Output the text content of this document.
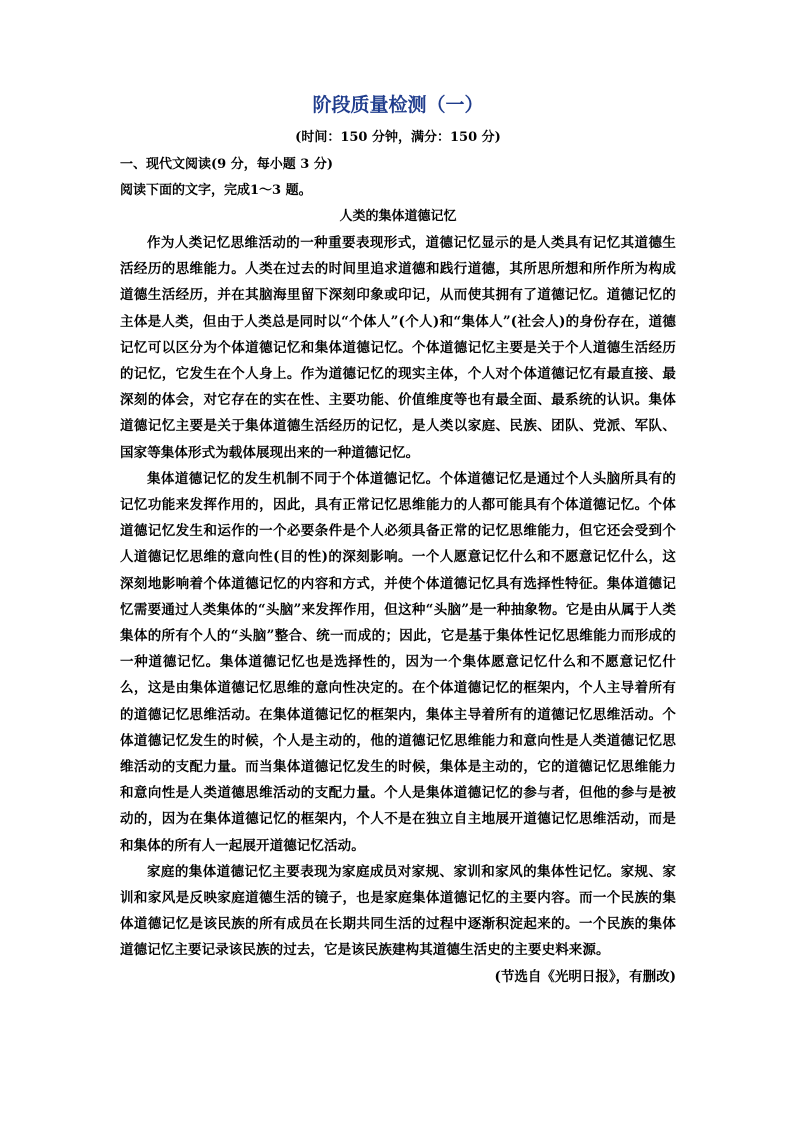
阶段质量检测（一）

(时间：150 分钟，满分：150 分)

一、现代文阅读(9 分，每小题 3 分)

阅读下面的文字，完成1～3 题。

人类的集体道德记忆

作为人类记忆思维活动的一种重要表现形式，道德记忆显示的是人类具有记忆其道德生活经历的思维能力。人类在过去的时间里追求道德和践行道德，其所思所想和所作所为构成道德生活经历，并在其脑海里留下深刻印象或印记，从而使其拥有了道德记忆。道德记忆的主体是人类，但由于人类总是同时以“个体人”(个人)和“集体人”(社会人)的身份存在，道德记忆可以区分为个体道德记忆和集体道德记忆。个体道德记忆主要是关于个人道德生活经历的记忆，它发生在个人身上。作为道德记忆的现实主体，个人对个体道德记忆有最直接、最深刻的体会，对它存在的实在性、主要功能、价值维度等也有最全面、最系统的认识。集体道德记忆主要是关于集体道德生活经历的记忆，是人类以家庭、民族、团队、党派、军队、国家等集体形式为载体展现出来的一种道德记忆。

集体道德记忆的发生机制不同于个体道德记忆。个体道德记忆是通过个人头脑所具有的记忆功能来发挥作用的，因此，具有正常记忆思维能力的人都可能具有个体道德记忆。个体道德记忆发生和运作的一个必要条件是个人必须具备正常的记忆思维能力，但它还会受到个人道德记忆思维的意向性(目的性)的深刻影响。一个人愿意记忆什么和不愿意记忆什么，这深刻地影响着个体道德记忆的内容和方式，并使个体道德记忆具有选择性特征。集体道德记忆需要通过人类集体的“头脑”来发挥作用，但这种“头脑”是一种抽象物。它是由从属于人类集体的所有个人的“头脑”整合、统一而成的；因此，它是基于集体性记忆思维能力而形成的一种道德记忆。集体道德记忆也是选择性的，因为一个集体愿意记忆什么和不愿意记忆什么，这是由集体道德记忆思维的意向性决定的。在个体道德记忆的框架内，个人主导着所有的道德记忆思维活动。在集体道德记忆的框架内，集体主导着所有的道德记忆思维活动。个体道德记忆发生的时候，个人是主动的，他的道德记忆思维能力和意向性是人类道德记忆思维活动的支配力量。而当集体道德记忆发生的时候，集体是主动的，它的道德记忆思维能力和意向性是人类道德思维活动的支配力量。个人是集体道德记忆的参与者，但他的参与是被动的，因为在集体道德记忆的框架内，个人不是在独立自主地展开道德记忆思维活动，而是和集体的所有人一起展开道德记忆活动。

家庭的集体道德记忆主要表现为家庭成员对家规、家训和家风的集体性记忆。家规、家训和家风是反映家庭道德生活的镜子，也是家庭集体道德记忆的主要内容。而一个民族的集体道德记忆是该民族的所有成员在长期共同生活的过程中逐渐积淀起来的。一个民族的集体道德记忆主要记录该民族的过去，它是该民族建构其道德生活史的主要史料来源。

(节选自《光明日报》，有删改)
